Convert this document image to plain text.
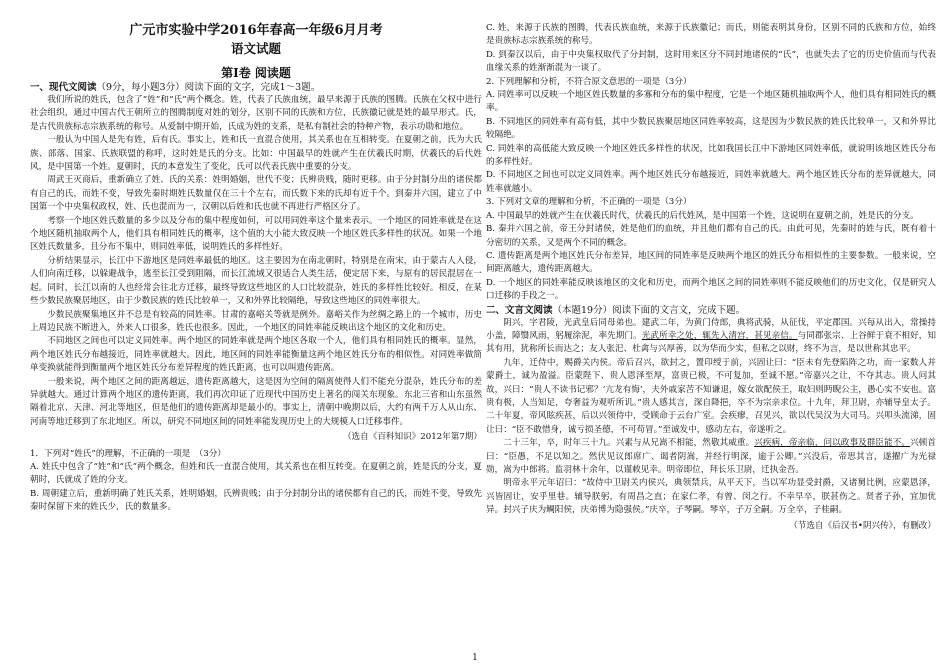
广元市实验中学2016年春高一年级6月月考
语文试题
第Ⅰ卷 阅读题
一、现代文阅读（9分，每小题3分）阅读下面的文字，完成1～3题。

我们所说的姓氏，包含了“姓”和“氏”两个概念。姓，代表了氏族血统，最早来源于氏族的图腾。氏族在父权中进行社会组织，通过中国古代王朝所立的图腾制度对姓的划分，区别不同的氏族和方位，氏族徽记就是姓的最早形式。氏，是古代贵族标志宗族系统的称号。从爱制中期开始，氏成为姓的支系，是私有制社会的特种产物，表示功勋和地位。

一般认为中国人是先有姓，后有氏。事实上，姓和氏一直混合使用，其关系也在互相转变。在夏朝之前，氏为大氏族、部落、国家、氏族联盟的称呼，这时姓是氏的分支。比如：中国最早的姓就产生在伏羲氏时期，伏羲氏的后代姓风，是中国第一个姓。夏朝时，氏的本意发生了变化，氏可以代表氏族中重要的分支。

周武王灭商后，重新确立了姓、氏的关系：姓明婚姻，世代不变；氏辨贵贱，随时更移。由于分封制分出的诸侯都有自己的氏，而姓不变，导致先秦时期姓氏数量仅在三十个左右，而氏数下来的氏却有近千个。到秦并六国，建立了中国第一个中央集权政权，姓、氏也混而为一，汉朝以后姓和氏也就不再进行严格区分了。

考察一个地区姓氏数量的多少以及分布的集中程度如何，可以用同姓率这个量来表示。一个地区的同姓率就是在这个地区随机抽取两个人，他们具有相同姓氏的概率，这个值的大小能大致反映一个地区姓氏多样性的状况。如果一个地区姓氏数量多，且分布不集中，则同姓率低，说明姓氏的多样性好。

分析结果显示，长江中下游地区是同姓率最低的地区。这主要因为在南北朝时，特别是在南宋，由于蒙古人入侵，人们向南迁移，以躲避战争，逃至长江受到阻隔，而长江流域又很适合人类生活，便定居下来，与原有的居民混居在一起。同时，长江以南的人也经常会往北方迁移，最终导致这些地区的人口比较混杂，姓氏的多样性比较好。相反，在某些少数民族聚居地区，由于少数民族的姓氏比较单一，又和外界比较隔绝，导致这些地区的同姓率很大。

少数民族聚集地区并不总是有较高的同姓率。甘肃的嘉峪关等就是例外。嘉峪关作为丝绸之路上的一个城市，历史上周边民族不断进入，外来人口很多，姓氏也很多。因此，一个地区的同姓率能反映出这个地区的文化和历史。

不同地区之间也可以定义同姓率。两个地区的同姓率就是两个地区各取一个人，他们具有相同姓氏的概率。显然，两个地区姓氏分布越接近，同姓率就越大。因此，地区间的同姓率能衡量这两个地区姓氏分布的相似性。对同姓率做简单变换就能得到衡量两个地区姓氏分布差异程度的姓氏距离，也可以叫遗传距离。

一般来说，两个地区之间的距离越远，遗传距离越大，这是因为空间的隔离使得人们不能充分混杂，姓氏分布的差异就越大。通过计算两个地区的遗传距离，我们再次印证了近现代中国历史上著名的闯关东现象。东北三省和山东虽然隔着北京、天津、河北等地区，但是他们的遗传距离却是最小的。事实上，清朝中晚期以后，大约有两千万人从山东、河南等地迁移到了东北地区。所以，研究不同地区间的同姓率能发现历史上的大规模人口迁移事件。

（选自《百科知识》2012年第7期）

1．下列对“姓氏”的理解，不正确的一项是　（3分）

A. 姓氏中包含了“姓”和“氏”两个概念，但姓和氏一直混合使用，其关系也在相互转变。在夏朝之前，姓是氏的分支，夏朝时，氏就成了姓的分支。

B. 周朝建立后，重新明确了姓氏关系，姓明婚姻，氏辨贵贱；由于分封制分出的诸侯都有自己的氏，而姓不变，导致先秦时保留下来的姓氏少，氏的数量多。

C. 姓，来源于氏族的图腾，代表氏族血统，来源于氏族徽记；而氏，则能表明其身份，区别不同的氏族和方位，始终是贵族标志宗族系统的称号。

D. 到秦汉以后，由于中央集权取代了分封制，这时用来区分不同封地诸侯的“氏”，也就失去了它的历史价值而与代表血缘关系的姓渐渐混为一谈了。

2. 下列理解和分析，不符合原文意思的一项是（3分）

A. 同姓率可以反映一个地区姓氏数量的多寡和分布的集中程度，它是一个地区随机抽取两个人，他们具有相同姓氏的概率。

B. 不同地区的同姓率有高有低，其中少数民族聚居地区同姓率较高，这是因为少数民族的姓氏比较单一，又和外界比较隔绝。

C. 同姓率的高低能大致反映一个地区姓氏多样性的状况，比如我国长江中下游地区同姓率低，就说明该地区姓氏分布的多样性好。

D. 不同地区之间也可以定义同姓率。两个地区姓氏分布越接近，同姓率就越大。两个地区姓氏分布的差异就越大，同姓率就越小。

3. 下列对文章的理解和分析，不正确的一项是（3分）

A. 中国最早的姓就产生在伏羲氏时代，伏羲氏的后代姓风，是中国第一个姓，这说明在夏朝之前，姓是氏的分支。

B. 秦并六国之前，帝王分封诸侯，姓是他们的血统，并且他们都有自己的氏。由此可见，先秦时的姓与氏，既有着十分密切的关系，又是两个不同的概念。

C. 遗传距离是两个地区姓氏分布差异，地区间的同姓率是反映两个地区的姓氏分布相似性的主要参数。一般来说，空间距离越大，遗传距离越大。

D. 一个地区的同姓率能反映该地区的文化和历史，而两个地区之间的同姓率则不能反映他们的历史文化，仅是研究人口迁移的手段之一。

二、文言文阅读（本题19分）阅读下面的文言文，完成下题。

阴兴，字君陵，光武皇后同母弟也。建武二年，为黄门侍郎，典将武骑，从征伐，平定郡国。兴每从出入，常操持小盖，障翳风雨，躬履涂泥，率先期门。光武所幸之处，辄先入清宫，甚见亲信。与同郡张宗、上谷鲜于衰不相好，知其有用，犹称所长而达之；友人张汜、杜禽与兴厚善，以为华而少实，但私之以财，终不为言，是以世称其忠平。

九年，迁侍中，赐爵关内侯。帝后召兴，欲封之，置印绶于前，兴固让曰：“臣未有先登陷阵之功，而一家数人并蒙爵土，诚为盈溢。臣蒙陛下、贵人恩泽至厚，富贵已极，不可复加，至诚不愿。”帝嘉兴之让，不夺其志。贵人问其故，兴曰：“贵人不读书记邪？‘亢龙有悔’，夫外戚家苦不知谦退，嫁女欲配侯王，取妇则眄睨公主，愚心实不安也。富贵有极，人当知足，夸奢益为观听所讥。”贵人感其言，深自降挹，卒不为宗亲求位。十九年，拜卫尉，亦辅导皇太子。二十年夏，帝风眩疾甚，后以兴领侍中，受顾命于云台广室。会疾瘳，召见兴，欲以代吴汉为大司马。兴叩头流涕，固让曰：“臣不敢惜身，诚亏损圣德，不可苟冒。”至诚发中，感动左右，帝遂听之。

二十三年，卒，时年三十九。兴素与从兄嵩不相能，然敬其威重。兴疾病，帝亲临，问以政事及群臣能不。兴顿首曰：“臣愚，不足以知之。然伏见议郎席广、谒者阴嵩，并经行明深，逾于公卿。”兴没后，帝思其言，遂擢广为光禄勋，嵩为中郎将。监羽林十余年，以谨敕见幸。明帝即位，拜长乐卫尉，迁执金吾。

明帝永平元年诏曰：“故侍中卫尉关内侯兴，典领禁兵，从平天下，当以军功显受封爵，又诸舅比例，应蒙恩泽，兴皆固让，安乎里巷。辅导朕躬，有周昌之直；在家仁孝，有曾、闵之行。不幸早卒，朕甚伤之。贤者子孙，宜加优异。封兴子庆为鲷阳侯，庆弟博为隐强侯。”庆卒，子琴嗣。琴卒，子万全嗣。万全卒，子桂嗣。

（节选自《后汉书•阴兴传》，有删改）
1
